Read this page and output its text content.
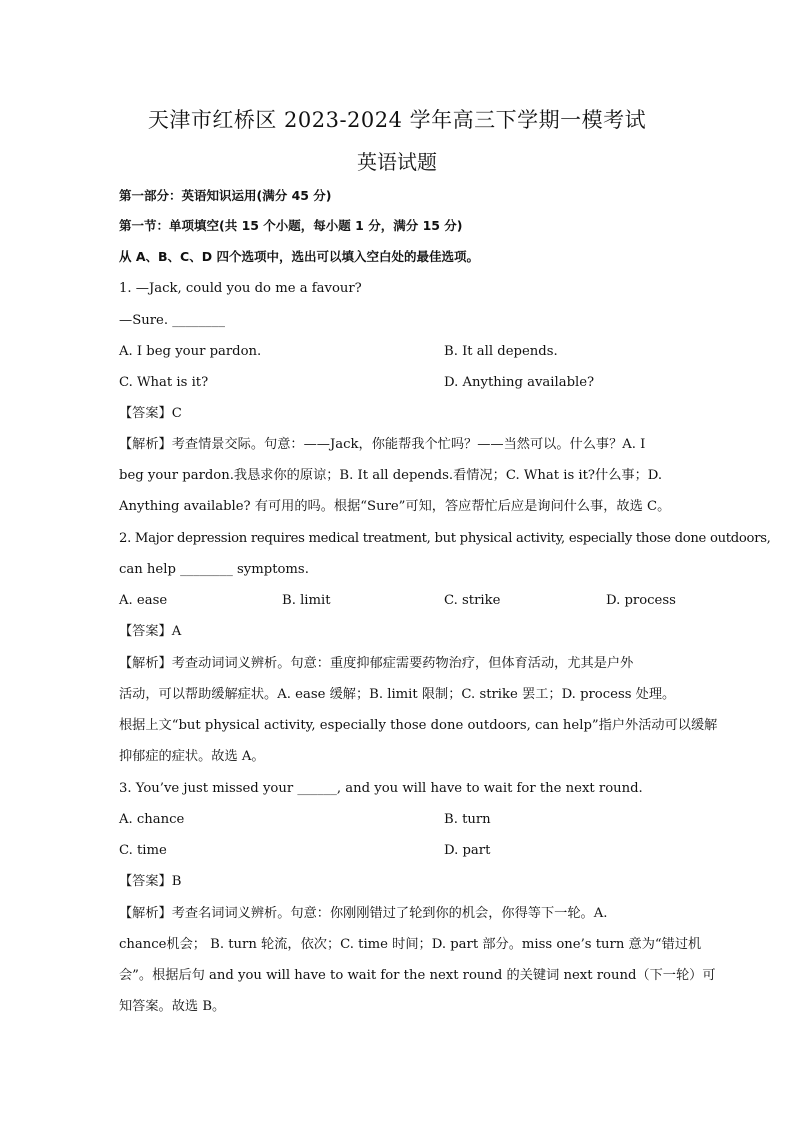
天津市红桥区 2023-2024 学年高三下学期一模考试
英语试题
第一部分：英语知识运用(满分 45 分)
第一节：单项填空(共 15 个小题，每小题 1 分，满分 15 分)
从 A、B、C、D 四个选项中，选出可以填入空白处的最佳选项。
1. —Jack, could you do me a favour?
—Sure. ________
A. I beg your pardon.	B. It all depends.
C. What is it?	D. Anything available?
【答案】C
【解析】考查情景交际。句意：——Jack，你能帮我个忙吗？——当然可以。什么事？A. I
beg your pardon.我恳求你的原谅；B. It all depends.看情况；C. What is it?什么事；D.
Anything available? 有可用的吗。根据“Sure”可知，答应帮忙后应是询问什么事，故选 C。
2. Major depression requires medical treatment, but physical activity, especially those done outdoors,
can help ________ symptoms.
A. ease	B. limit	C. strike	D. process
【答案】A
【解析】考查动词词义辨析。句意：重度抑郁症需要药物治疗，但体育活动，尤其是户外
活动，可以帮助缓解症状。A. ease 缓解；B. limit 限制；C. strike 罢工；D. process 处理。
根据上文“but physical activity, especially those done outdoors, can help”指户外活动可以缓解
抑郁症的症状。故选 A。
3. You’ve just missed your ______, and you will have to wait for the next round.
A. chance	B. turn
C. time	D. part
【答案】B
【解析】考查名词词义辨析。句意：你刚刚错过了轮到你的机会，你得等下一轮。A.
chance机会； B. turn 轮流，依次；C. time 时间；D. part 部分。miss one’s turn 意为“错过机
会”。根据后句 and you will have to wait for the next round 的关键词 next round（下一轮）可
知答案。故选 B。
